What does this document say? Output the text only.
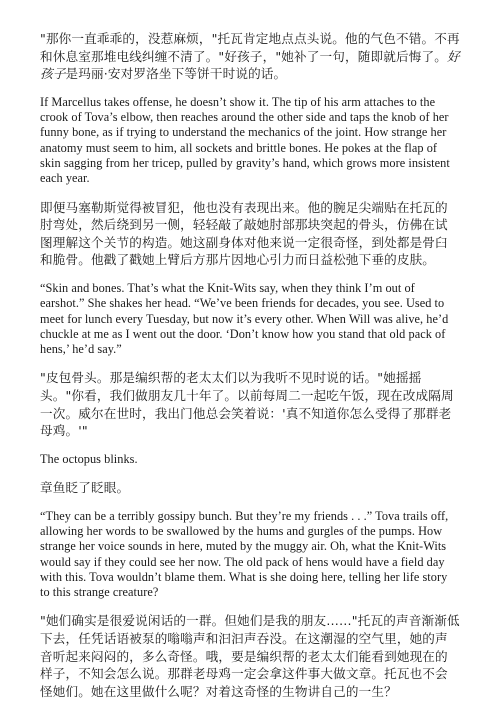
"那你一直乖乖的，没惹麻烦，"托瓦肯定地点点头说。他的气色不错。不再和休息室那堆电线纠缠不清了。"好孩子，"她补了一句，随即就后悔了。好孩子是玛丽·安对罗洛坐下等饼干时说的话。

If Marcellus takes offense, he doesn’t show it. The tip of his arm attaches to the crook of Tova’s elbow, then reaches around the other side and taps the knob of her funny bone, as if trying to understand the mechanics of the joint. How strange her anatomy must seem to him, all sockets and brittle bones. He pokes at the flap of skin sagging from her tricep, pulled by gravity’s hand, which grows more insistent each year.

即便马塞勒斯觉得被冒犯，他也没有表现出来。他的腕足尖端贴在托瓦的肘弯处，然后绕到另一侧，轻轻敲了敲她肘部那块突起的骨头，仿佛在试图理解这个关节的构造。她这副身体对他来说一定很奇怪，到处都是骨臼和脆骨。他戳了戳她上臂后方那片因地心引力而日益松弛下垂的皮肤。

“Skin and bones. That’s what the Knit-Wits say, when they think I’m out of earshot.” She shakes her head. “We’ve been friends for decades, you see. Used to meet for lunch every Tuesday, but now it’s every other. When Will was alive, he’d chuckle at me as I went out the door. ‘Don’t know how you stand that old pack of hens,’ he’d say.”

"皮包骨头。那是编织帮的老太太们以为我听不见时说的话。"她摇摇头。"你看，我们做朋友几十年了。以前每周二一起吃午饭，现在改成隔周一次。威尔在世时，我出门他总会笑着说：'真不知道你怎么受得了那群老母鸡。'"

The octopus blinks.

章鱼眨了眨眼。

“They can be a terribly gossipy bunch. But they’re my friends . . .” Tova trails off, allowing her words to be swallowed by the hums and gurgles of the pumps. How strange her voice sounds in here, muted by the muggy air. Oh, what the Knit-Wits would say if they could see her now. The old pack of hens would have a field day with this. Tova wouldn’t blame them. What is she doing here, telling her life story to this strange creature?

"她们确实是很爱说闲话的一群。但她们是我的朋友……"托瓦的声音渐渐低下去，任凭话语被泵的嗡嗡声和汩汩声吞没。在这潮湿的空气里，她的声音听起来闷闷的，多么奇怪。哦，要是编织帮的老太太们能看到她现在的样子，不知会怎么说。那群老母鸡一定会拿这件事大做文章。托瓦也不会怪她们。她在这里做什么呢？对着这奇怪的生物讲自己的一生？
